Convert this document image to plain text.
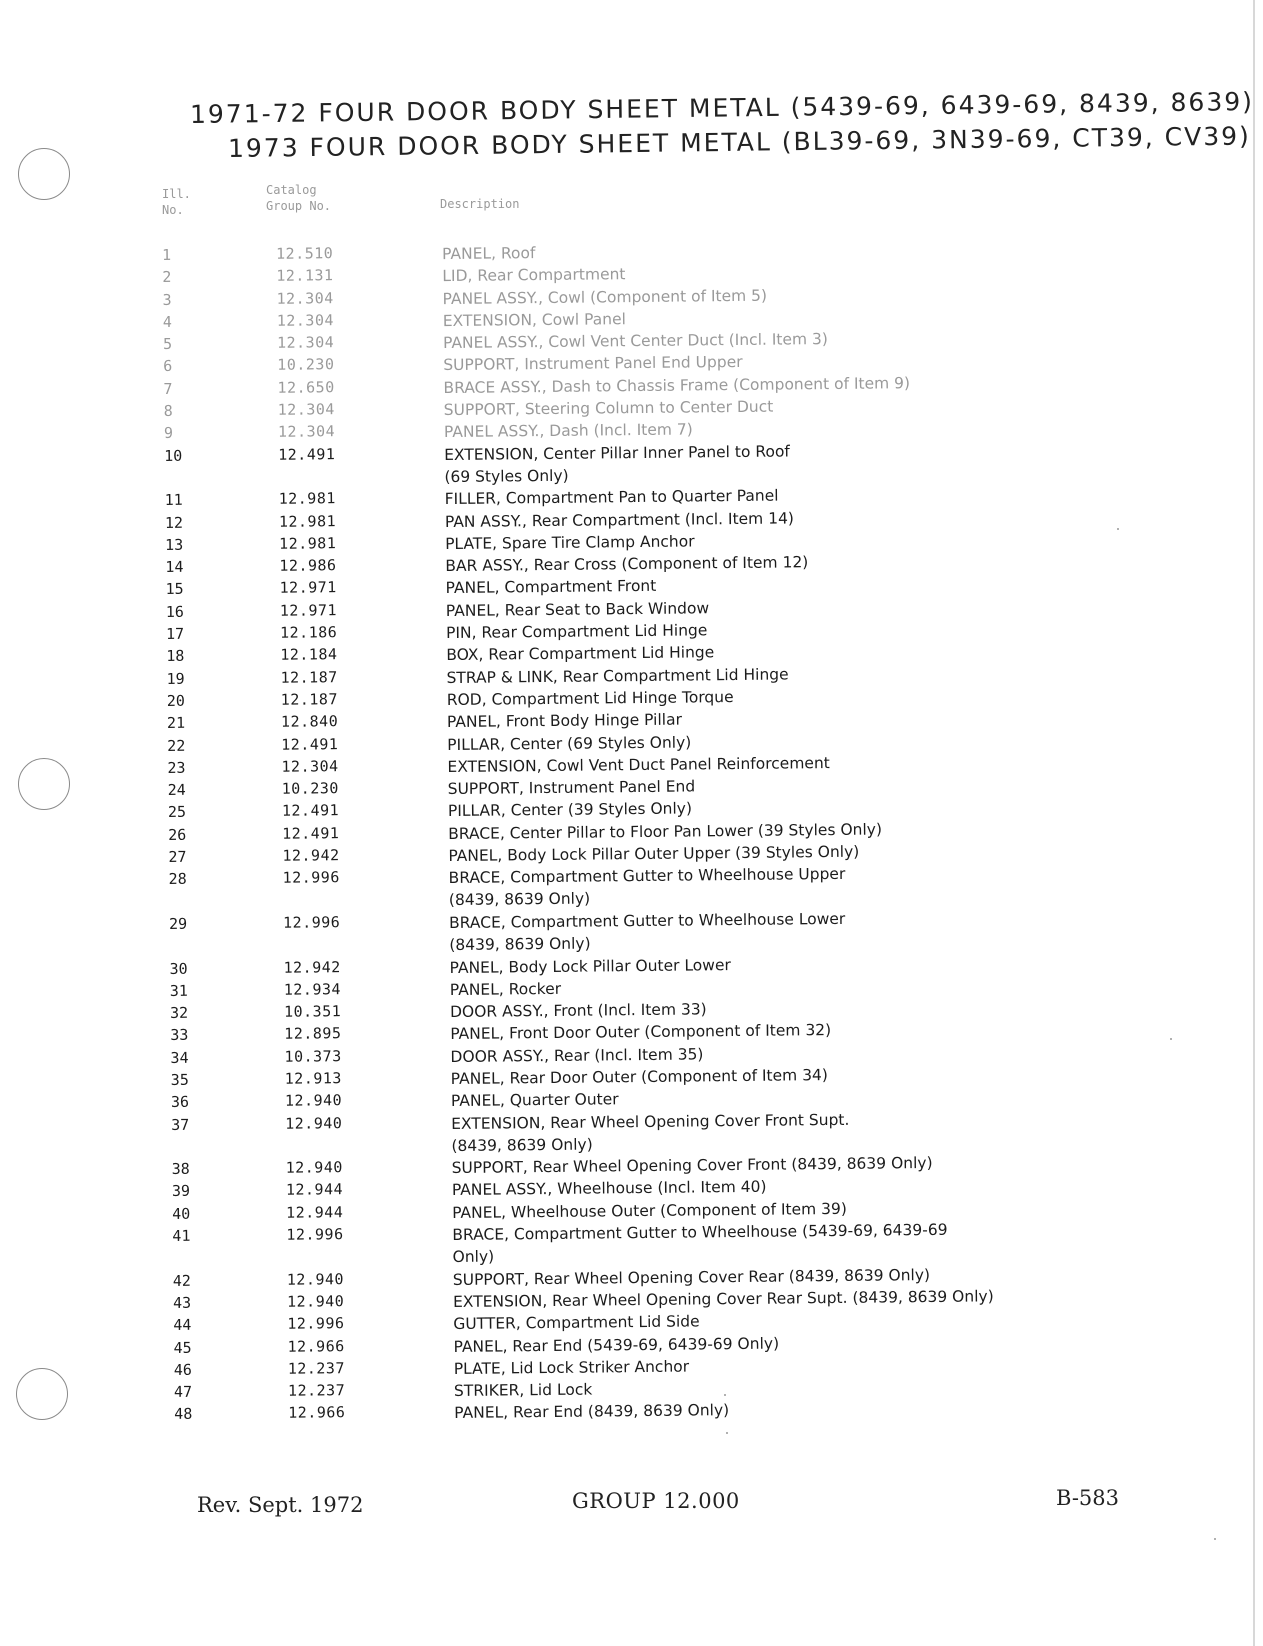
1971-72 FOUR DOOR BODY SHEET METAL (5439-69, 6439-69, 8439, 8639)
1973 FOUR DOOR BODY SHEET METAL (BL39-69, 3N39-69, CT39, CV39)
Ill. No.
Catalog Group No.	Description
1	12.510	PANEL, Roof
2	12.131	LID, Rear Compartment
3	12.304	PANEL ASSY., Cowl (Component of Item 5)
4	12.304	EXTENSION, Cowl Panel
5	12.304	PANEL ASSY., Cowl Vent Center Duct (Incl. Item 3)
6	10.230	SUPPORT, Instrument Panel End Upper
7	12.650	BRACE ASSY., Dash to Chassis Frame (Component of Item 9)
8	12.304	SUPPORT, Steering Column to Center Duct
9	12.304	PANEL ASSY., Dash (Incl. Item 7)
10	12.491	EXTENSION, Center Pillar Inner Panel to Roof
(69 Styles Only)
11	12.981	FILLER, Compartment Pan to Quarter Panel
12	12.981	PAN ASSY., Rear Compartment (Incl. Item 14)
13	12.981	PLATE, Spare Tire Clamp Anchor
14	12.986	BAR ASSY., Rear Cross (Component of Item 12)
15	12.971	PANEL, Compartment Front
16	12.971	PANEL, Rear Seat to Back Window
17	12.186	PIN, Rear Compartment Lid Hinge
18	12.184	BOX, Rear Compartment Lid Hinge
19	12.187	STRAP & LINK, Rear Compartment Lid Hinge
20	12.187	ROD, Compartment Lid Hinge Torque
21	12.840	PANEL, Front Body Hinge Pillar
22	12.491	PILLAR, Center (69 Styles Only)
23	12.304	EXTENSION, Cowl Vent Duct Panel Reinforcement
24	10.230	SUPPORT, Instrument Panel End
25	12.491	PILLAR, Center (39 Styles Only)
26	12.491	BRACE, Center Pillar to Floor Pan Lower (39 Styles Only)
27	12.942	PANEL, Body Lock Pillar Outer Upper (39 Styles Only)
28	12.996	BRACE, Compartment Gutter to Wheelhouse Upper
(8439, 8639 Only)
29	12.996	BRACE, Compartment Gutter to Wheelhouse Lower
(8439, 8639 Only)
30	12.942	PANEL, Body Lock Pillar Outer Lower
31	12.934	PANEL, Rocker
32	10.351	DOOR ASSY., Front (Incl. Item 33)
33	12.895	PANEL, Front Door Outer (Component of Item 32)
34	10.373	DOOR ASSY., Rear (Incl. Item 35)
35	12.913	PANEL, Rear Door Outer (Component of Item 34)
36	12.940	PANEL, Quarter Outer
37	12.940	EXTENSION, Rear Wheel Opening Cover Front Supt.
(8439, 8639 Only)
38	12.940	SUPPORT, Rear Wheel Opening Cover Front (8439, 8639 Only)
39	12.944	PANEL ASSY., Wheelhouse (Incl. Item 40)
40	12.944	PANEL, Wheelhouse Outer (Component of Item 39)
41	12.996	BRACE, Compartment Gutter to Wheelhouse (5439-69, 6439-69
Only)
42	12.940	SUPPORT, Rear Wheel Opening Cover Rear (8439, 8639 Only)
43	12.940	EXTENSION, Rear Wheel Opening Cover Rear Supt. (8439, 8639 Only)
44	12.996	GUTTER, Compartment Lid Side
45	12.966	PANEL, Rear End (5439-69, 6439-69 Only)
46	12.237	PLATE, Lid Lock Striker Anchor
47	12.237	STRIKER, Lid Lock
48	12.966	PANEL, Rear End (8439, 8639 Only)
Rev. Sept. 1972	GROUP 12.000	B-583
